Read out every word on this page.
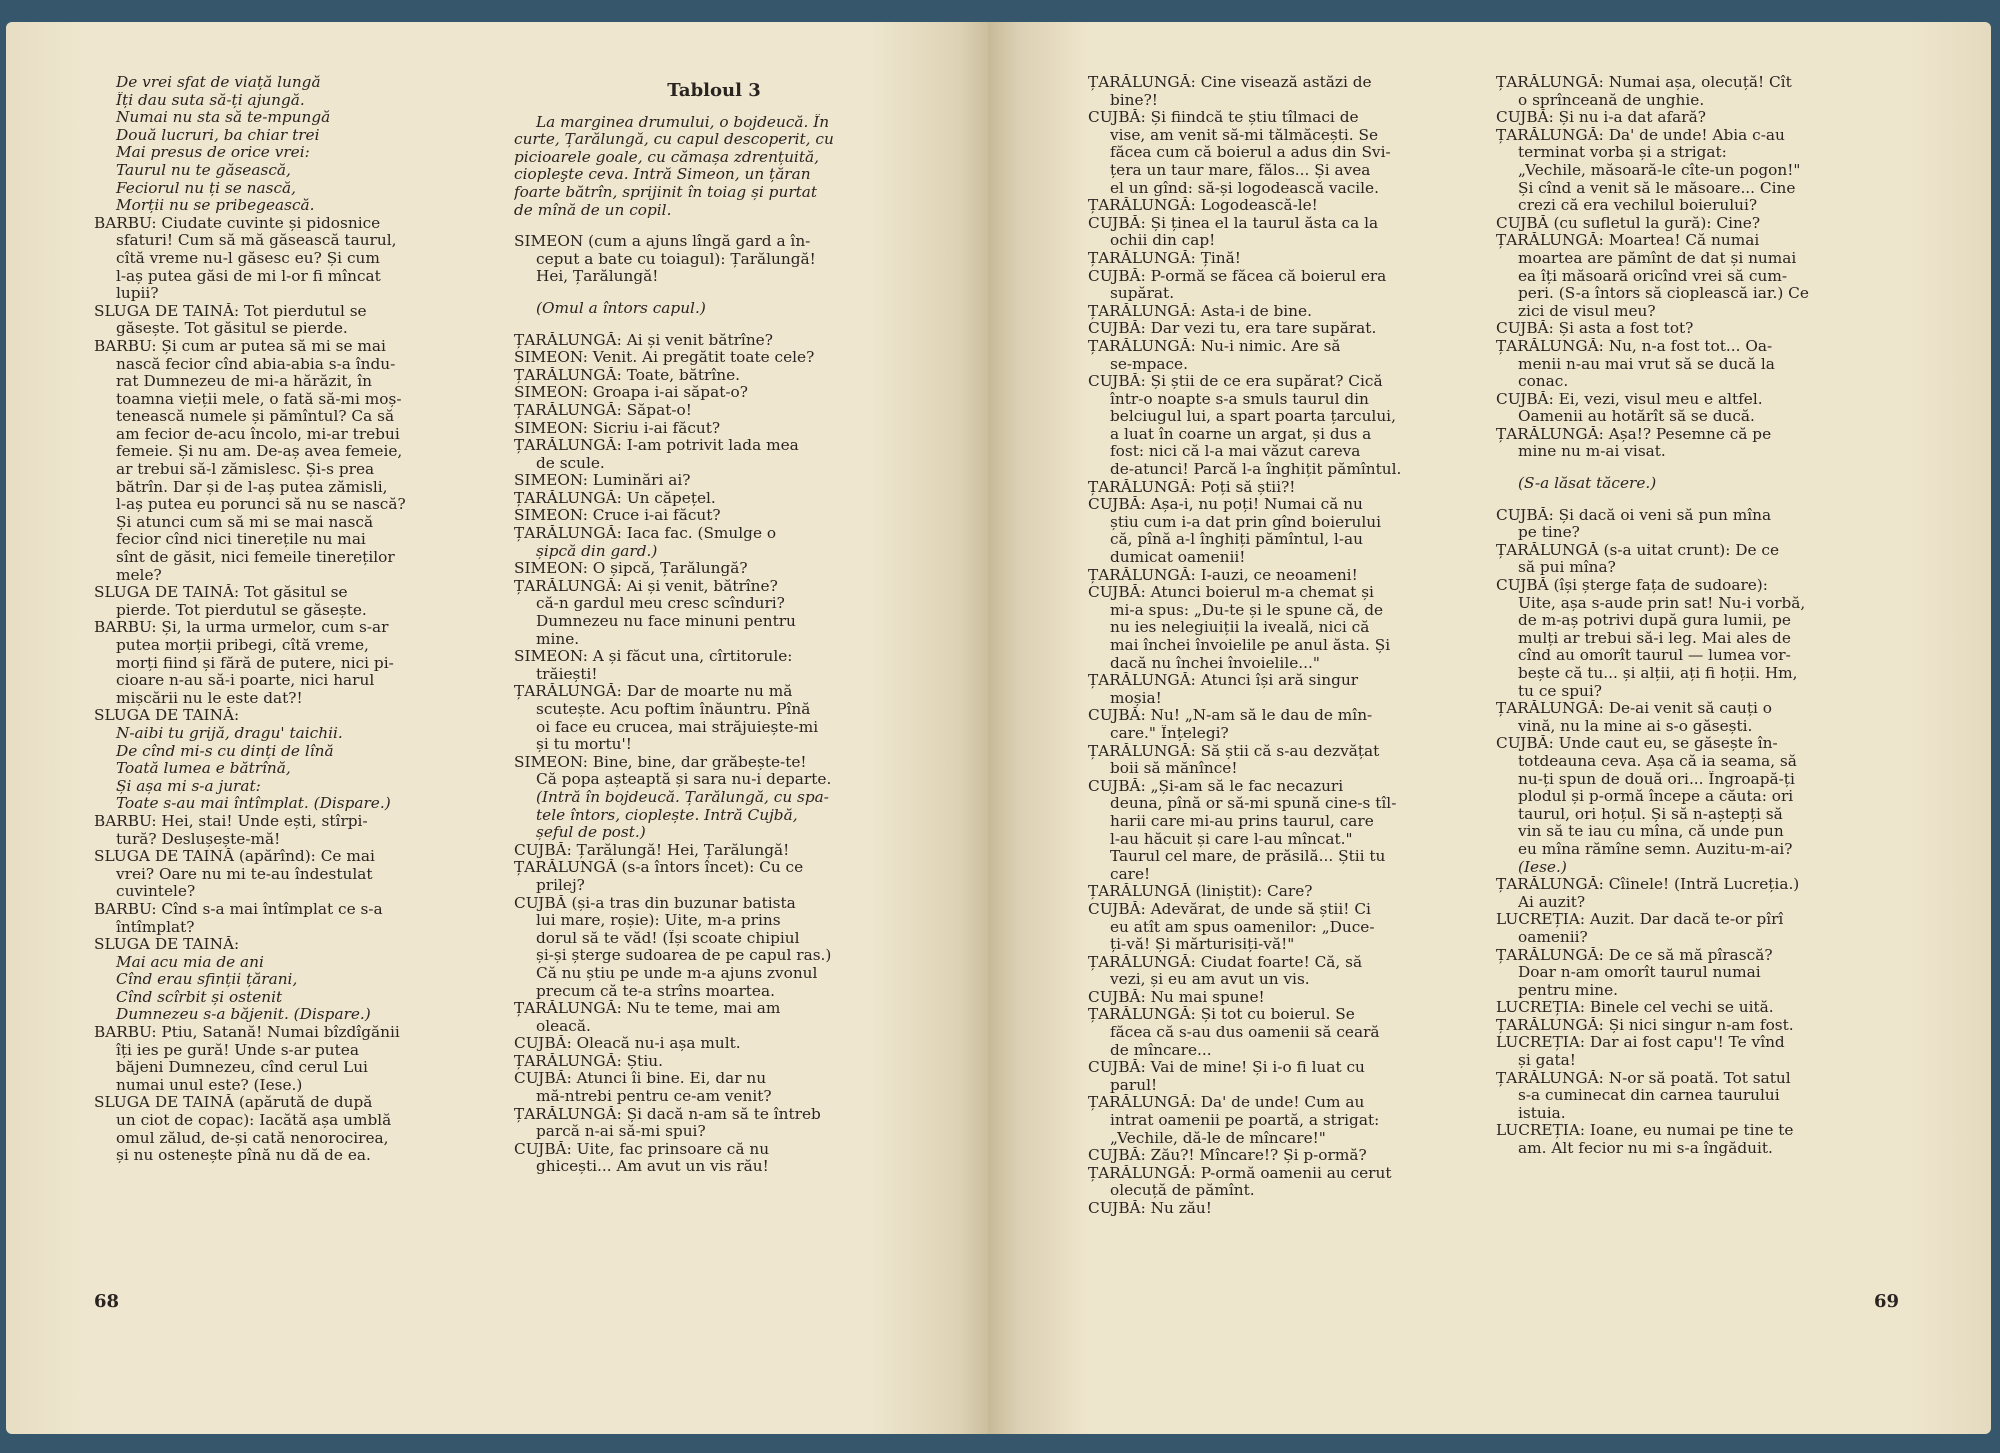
De vrei sfat de viață lungă
Îți dau suta să-ți ajungă.
Numai nu sta să te-mpungă
Două lucruri, ba chiar trei
Mai presus de orice vrei:
Taurul nu te găsească,
Feciorul nu ți se nască,
Morții nu se pribegească.
BARBU: Ciudate cuvinte și pidosnice
sfaturi! Cum să mă găsească taurul,
cîtă vreme nu-l găsesc eu? Și cum
l-aș putea găsi de mi l-or fi mîncat
lupii?
SLUGA DE TAINĂ: Tot pierdutul se
găsește. Tot găsitul se pierde.
BARBU: Și cum ar putea să mi se mai
nască fecior cînd abia-abia s-a îndu-
rat Dumnezeu de mi-a hărăzit, în
toamna vieții mele, o fată să-mi moș-
tenească numele și pămîntul? Ca să
am fecior de-acu încolo, mi-ar trebui
femeie. Și nu am. De-aș avea femeie,
ar trebui să-l zămislesc. Și-s prea
bătrîn. Dar și de l-aș putea zămisli,
l-aș putea eu porunci să nu se nască?
Și atunci cum să mi se mai nască
fecior cînd nici tinerețile nu mai
sînt de găsit, nici femeile tinereților
mele?
SLUGA DE TAINĂ: Tot găsitul se
pierde. Tot pierdutul se găsește.
BARBU: Și, la urma urmelor, cum s-ar
putea morții pribegi, cîtă vreme,
morți fiind și fără de putere, nici pi-
cioare n-au să-i poarte, nici harul
mișcării nu le este dat?!
SLUGA DE TAINĂ:
N-aibi tu grijă, dragu' taichii.
De cînd mi-s cu dinți de lînă
Toată lumea e bătrînă,
Și așa mi s-a jurat:
Toate s-au mai întîmplat. (Dispare.)
BARBU: Hei, stai! Unde ești, stîrpi-
tură? Deslușește-mă!
SLUGA DE TAINĂ (apărînd): Ce mai
vrei? Oare nu mi te-au îndestulat
cuvintele?
BARBU: Cînd s-a mai întîmplat ce s-a
întîmplat?
SLUGA DE TAINĂ:
Mai acu mia de ani
Cînd erau sfinții țărani,
Cînd scîrbit și ostenit
Dumnezeu s-a băjenit. (Dispare.)
BARBU: Ptiu, Satană! Numai bîzdîgănii
îți ies pe gură! Unde s-ar putea
băjeni Dumnezeu, cînd cerul Lui
numai unul este? (Iese.)
SLUGA DE TAINĂ (apărută de după
un ciot de copac): Iacătă așa umblă
omul zălud, de-și cată nenorocirea,
și nu ostenește pînă nu dă de ea.
Tabloul 3
La marginea drumului, o bojdeucă. În
curte, Țarălungă, cu capul descoperit, cu
picioarele goale, cu cămașa zdrențuită,
ciopleşte ceva. Intră Simeon, un țăran
foarte bătrîn, sprijinit în toiag și purtat
de mînă de un copil.
SIMEON (cum a ajuns lîngă gard a în-
ceput a bate cu toiagul): Țarălungă!
Hei, Țarălungă!
(Omul a întors capul.)
ȚARĂLUNGĂ: Ai și venit bătrîne?
SIMEON: Venit. Ai pregătit toate cele?
ȚARĂLUNGĂ: Toate, bătrîne.
SIMEON: Groapa i-ai săpat-o?
ȚARĂLUNGĂ: Săpat-o!
SIMEON: Sicriu i-ai făcut?
ȚARĂLUNGĂ: I-am potrivit lada mea
de scule.
SIMEON: Luminări ai?
ȚARĂLUNGĂ: Un căpețel.
SIMEON: Cruce i-ai făcut?
ȚARĂLUNGĂ: Iaca fac. (Smulge o
șipcă din gard.)
SIMEON: O șipcă, Țarălungă?
ȚARĂLUNGĂ: Ai și venit, bătrîne?
că-n gardul meu cresc scînduri?
Dumnezeu nu face minuni pentru
mine.
SIMEON: A și făcut una, cîrtitorule:
trăiești!
ȚARĂLUNGĂ: Dar de moarte nu mă
scutește. Acu poftim înăuntru. Pînă
oi face eu crucea, mai străjuiește-mi
și tu mortu'!
SIMEON: Bine, bine, dar grăbește-te!
Că popa așteaptă și sara nu-i departe.
(Intră în bojdeucă. Țarălungă, cu spa-
tele întors, cioplește. Intră Cujbă,
șeful de post.)
CUJBĂ: Țarălungă! Hei, Țarălungă!
ȚARĂLUNGĂ (s-a întors încet): Cu ce
prilej?
CUJBĂ (și-a tras din buzunar batista
lui mare, roșie): Uite, m-a prins
dorul să te văd! (Își scoate chipiul
și-și șterge sudoarea de pe capul ras.)
Că nu știu pe unde m-a ajuns zvonul
precum că te-a strîns moartea.
ȚARĂLUNGĂ: Nu te teme, mai am
oleacă.
CUJBĂ: Oleacă nu-i așa mult.
ȚARĂLUNGĂ: Știu.
CUJBĂ: Atunci îi bine. Ei, dar nu
mă-ntrebi pentru ce-am venit?
ȚARĂLUNGĂ: Și dacă n-am să te întreb
parcă n-ai să-mi spui?
CUJBĂ: Uite, fac prinsoare că nu
ghicești... Am avut un vis rău!
68
ȚARĂLUNGĂ: Cine visează astăzi de
bine?!
CUJBĂ: Și fiindcă te știu tîlmaci de
vise, am venit să-mi tălmăcești. Se
făcea cum că boierul a adus din Svi-
țera un taur mare, fălos... Și avea
el un gînd: să-și logodească vacile.
ȚARĂLUNGĂ: Logodească-le!
CUJBĂ: Și ținea el la taurul ăsta ca la
ochii din cap!
ȚARĂLUNGĂ: Țină!
CUJBĂ: P-ormă se făcea că boierul era
supărat.
ȚARĂLUNGĂ: Asta-i de bine.
CUJBĂ: Dar vezi tu, era tare supărat.
ȚARĂLUNGĂ: Nu-i nimic. Are să
se-mpace.
CUJBĂ: Și știi de ce era supărat? Cică
într-o noapte s-a smuls taurul din
belciugul lui, a spart poarta țarcului,
a luat în coarne un argat, și dus a
fost: nici că l-a mai văzut careva
de-atunci! Parcă l-a înghițit pămîntul.
ȚARĂLUNGĂ: Poți să știi?!
CUJBĂ: Așa-i, nu poți! Numai că nu
știu cum i-a dat prin gînd boierului
că, pînă a-l înghiți pămîntul, l-au
dumicat oamenii!
ȚARĂLUNGĂ: I-auzi, ce neoameni!
CUJBĂ: Atunci boierul m-a chemat și
mi-a spus: „Du-te și le spune că, de
nu ies nelegiuiții la iveală, nici că
mai închei învoielile pe anul ăsta. Și
dacă nu închei învoielile..."
ȚARĂLUNGĂ: Atunci își ară singur
moșia!
CUJBĂ: Nu! „N-am să le dau de mîn-
care." Înțelegi?
ȚARĂLUNGĂ: Să știi că s-au dezvățat
boii să mănînce!
CUJBĂ: „Și-am să le fac necazuri
deuna, pînă or să-mi spună cine-s tîl-
harii care mi-au prins taurul, care
l-au hăcuit și care l-au mîncat."
Taurul cel mare, de prăsilă... Știi tu
care!
ȚARĂLUNGĂ (liniștit): Care?
CUJBĂ: Adevărat, de unde să știi! Ci
eu atît am spus oamenilor: „Duce-
ți-vă! Și mărturisiți-vă!"
ȚARĂLUNGĂ: Ciudat foarte! Că, să
vezi, și eu am avut un vis.
CUJBĂ: Nu mai spune!
ȚARĂLUNGĂ: Și tot cu boierul. Se
făcea că s-au dus oamenii să ceară
de mîncare...
CUJBĂ: Vai de mine! Și i-o fi luat cu
parul!
ȚARĂLUNGĂ: Da' de unde! Cum au
intrat oamenii pe poartă, a strigat:
„Vechile, dă-le de mîncare!"
CUJBĂ: Zău?! Mîncare!? Și p-ormă?
ȚARĂLUNGĂ: P-ormă oamenii au cerut
olecuță de pămînt.
CUJBĂ: Nu zău!
ȚARĂLUNGĂ: Numai așa, olecuță! Cît
o sprînceană de unghie.
CUJBĂ: Și nu i-a dat afară?
ȚARĂLUNGĂ: Da' de unde! Abia c-au
terminat vorba și a strigat:
„Vechile, măsoară-le cîte-un pogon!"
Și cînd a venit să le măsoare... Cine
crezi că era vechilul boierului?
CUJBĂ (cu sufletul la gură): Cine?
ȚARĂLUNGĂ: Moartea! Că numai
moartea are pămînt de dat și numai
ea îți măsoară oricînd vrei să cum-
peri. (S-a întors să cioplească iar.) Ce
zici de visul meu?
CUJBĂ: Și asta a fost tot?
ȚARĂLUNGĂ: Nu, n-a fost tot... Oa-
menii n-au mai vrut să se ducă la
conac.
CUJBĂ: Ei, vezi, visul meu e altfel.
Oamenii au hotărît să se ducă.
ȚARĂLUNGĂ: Așa!? Pesemne că pe
mine nu m-ai visat.
(S-a lăsat tăcere.)
CUJBĂ: Și dacă oi veni să pun mîna
pe tine?
ȚARĂLUNGĂ (s-a uitat crunt): De ce
să pui mîna?
CUJBĂ (își șterge fața de sudoare):
Uite, așa s-aude prin sat! Nu-i vorbă,
de m-aș potrivi după gura lumii, pe
mulți ar trebui să-i leg. Mai ales de
cînd au omorît taurul — lumea vor-
bește că tu... și alții, ați fi hoții. Hm,
tu ce spui?
ȚARĂLUNGĂ: De-ai venit să cauți o
vină, nu la mine ai s-o găsești.
CUJBĂ: Unde caut eu, se găsește în-
totdeauna ceva. Așa că ia seama, să
nu-ți spun de două ori... Îngroapă-ți
plodul și p-ormă începe a căuta: ori
taurul, ori hoțul. Și să n-aștepți să
vin să te iau cu mîna, că unde pun
eu mîna rămîne semn. Auzitu-m-ai?
(Iese.)
ȚARĂLUNGĂ: Cîinele! (Intră Lucreția.)
Ai auzit?
LUCREȚIA: Auzit. Dar dacă te-or pîrî
oamenii?
ȚARĂLUNGĂ: De ce să mă pîrască?
Doar n-am omorît taurul numai
pentru mine.
LUCREȚIA: Binele cel vechi se uită.
ȚARĂLUNGĂ: Și nici singur n-am fost.
LUCREȚIA: Dar ai fost capu'! Te vînd
și gata!
ȚARĂLUNGĂ: N-or să poată. Tot satul
s-a cuminecat din carnea taurului
istuia.
LUCREȚIA: Ioane, eu numai pe tine te
am. Alt fecior nu mi s-a îngăduit.
69
